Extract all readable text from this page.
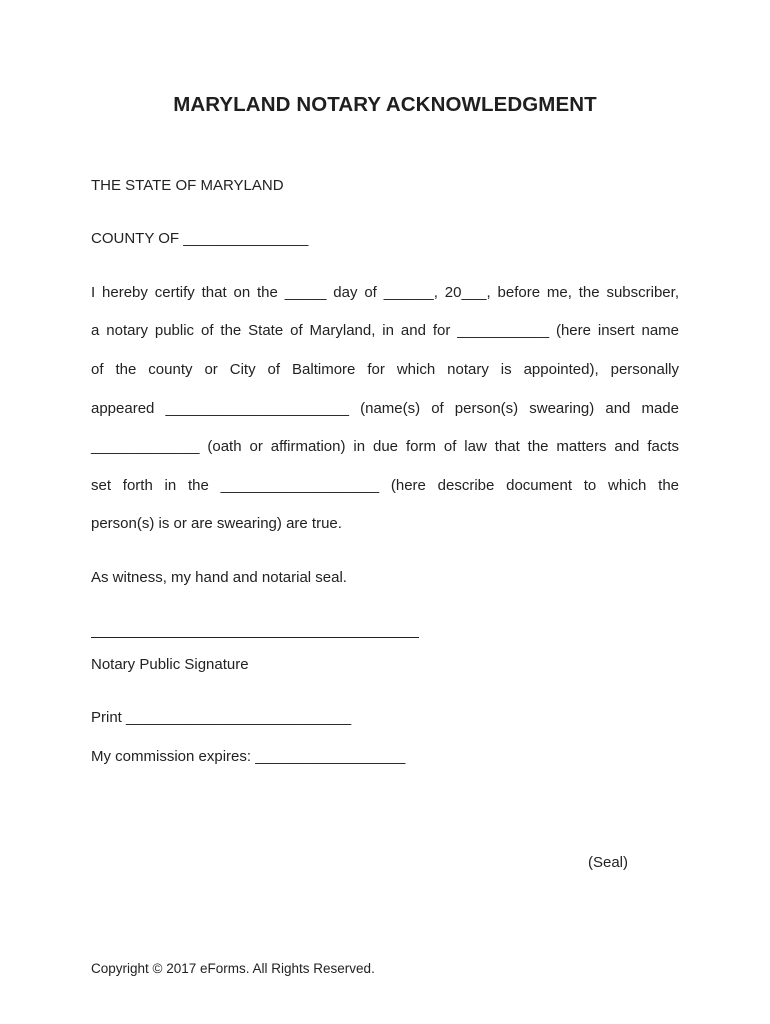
MARYLAND NOTARY ACKNOWLEDGMENT
THE STATE OF MARYLAND
COUNTY OF _______________
I hereby certify that on the _____ day of ______, 20___, before me, the subscriber,
a notary public of the State of Maryland, in and for ___________ (here insert name
of the county or City of Baltimore for which notary is appointed), personally
appeared ______________________ (name(s) of person(s) swearing) and made
_____________ (oath or affirmation) in due form of law that the matters and facts
set forth in the ___________________ (here describe document to which the
person(s) is or are swearing) are true.
As witness, my hand and notarial seal.
Notary Public Signature
Print ___________________________
My commission expires: __________________
(Seal)
Copyright © 2017 eForms. All Rights Reserved.
